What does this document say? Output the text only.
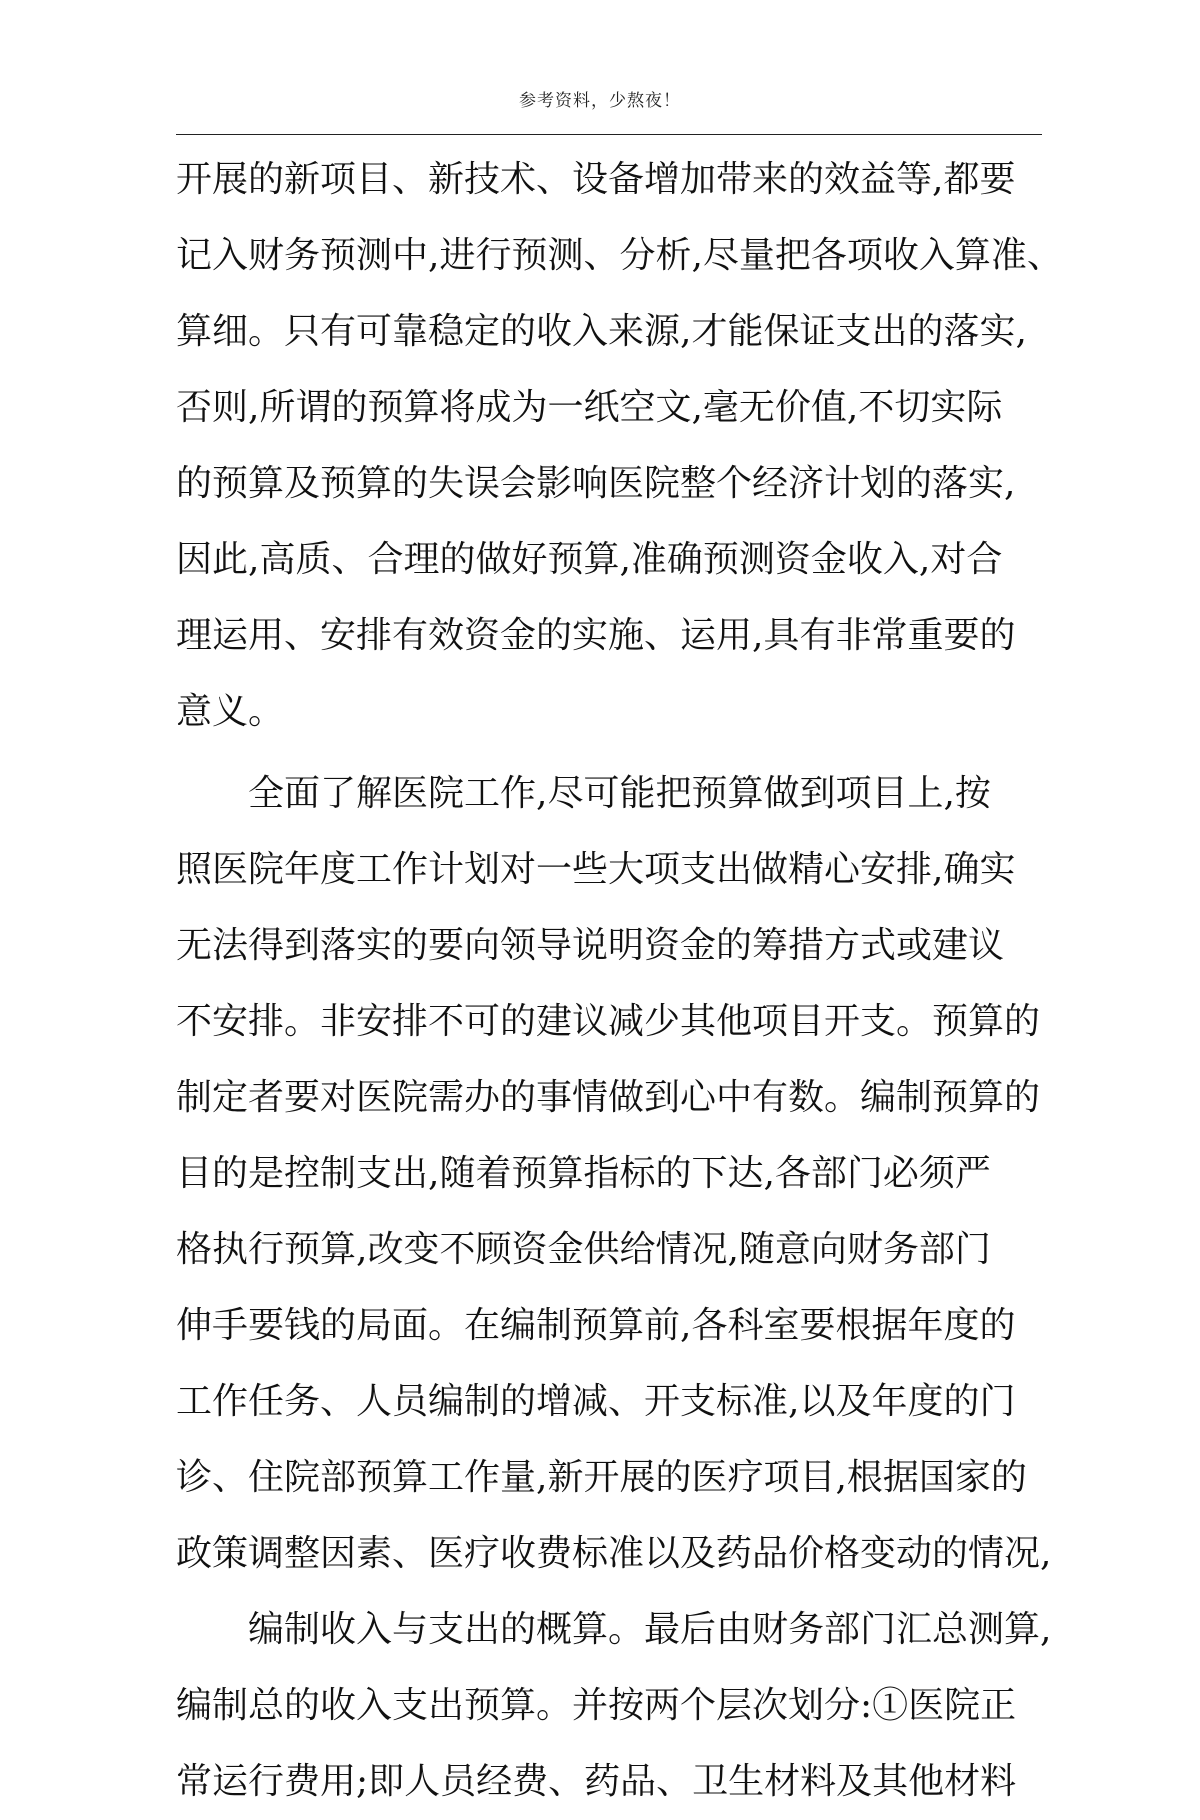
参考资料，少熬夜！
开展的新项目、新技术、设备增加带来的效益等,都要
记入财务预测中,进行预测、分析,尽量把各项收入算准、
算细。只有可靠稳定的收入来源,才能保证支出的落实,
否则,所谓的预算将成为一纸空文,毫无价值,不切实际
的预算及预算的失误会影响医院整个经济计划的落实,
因此,高质、合理的做好预算,准确预测资金收入,对合
理运用、安排有效资金的实施、运用,具有非常重要的
意义。
全面了解医院工作,尽可能把预算做到项目上,按
照医院年度工作计划对一些大项支出做精心安排,确实
无法得到落实的要向领导说明资金的筹措方式或建议
不安排。非安排不可的建议减少其他项目开支。预算的
制定者要对医院需办的事情做到心中有数。编制预算的
目的是控制支出,随着预算指标的下达,各部门必须严
格执行预算,改变不顾资金供给情况,随意向财务部门
伸手要钱的局面。在编制预算前,各科室要根据年度的
工作任务、人员编制的增减、开支标准,以及年度的门
诊、住院部预算工作量,新开展的医疗项目,根据国家的
政策调整因素、医疗收费标准以及药品价格变动的情况,
编制收入与支出的概算。最后由财务部门汇总测算,
编制总的收入支出预算。并按两个层次划分:①医院正
常运行费用;即人员经费、药品、卫生材料及其他材料
